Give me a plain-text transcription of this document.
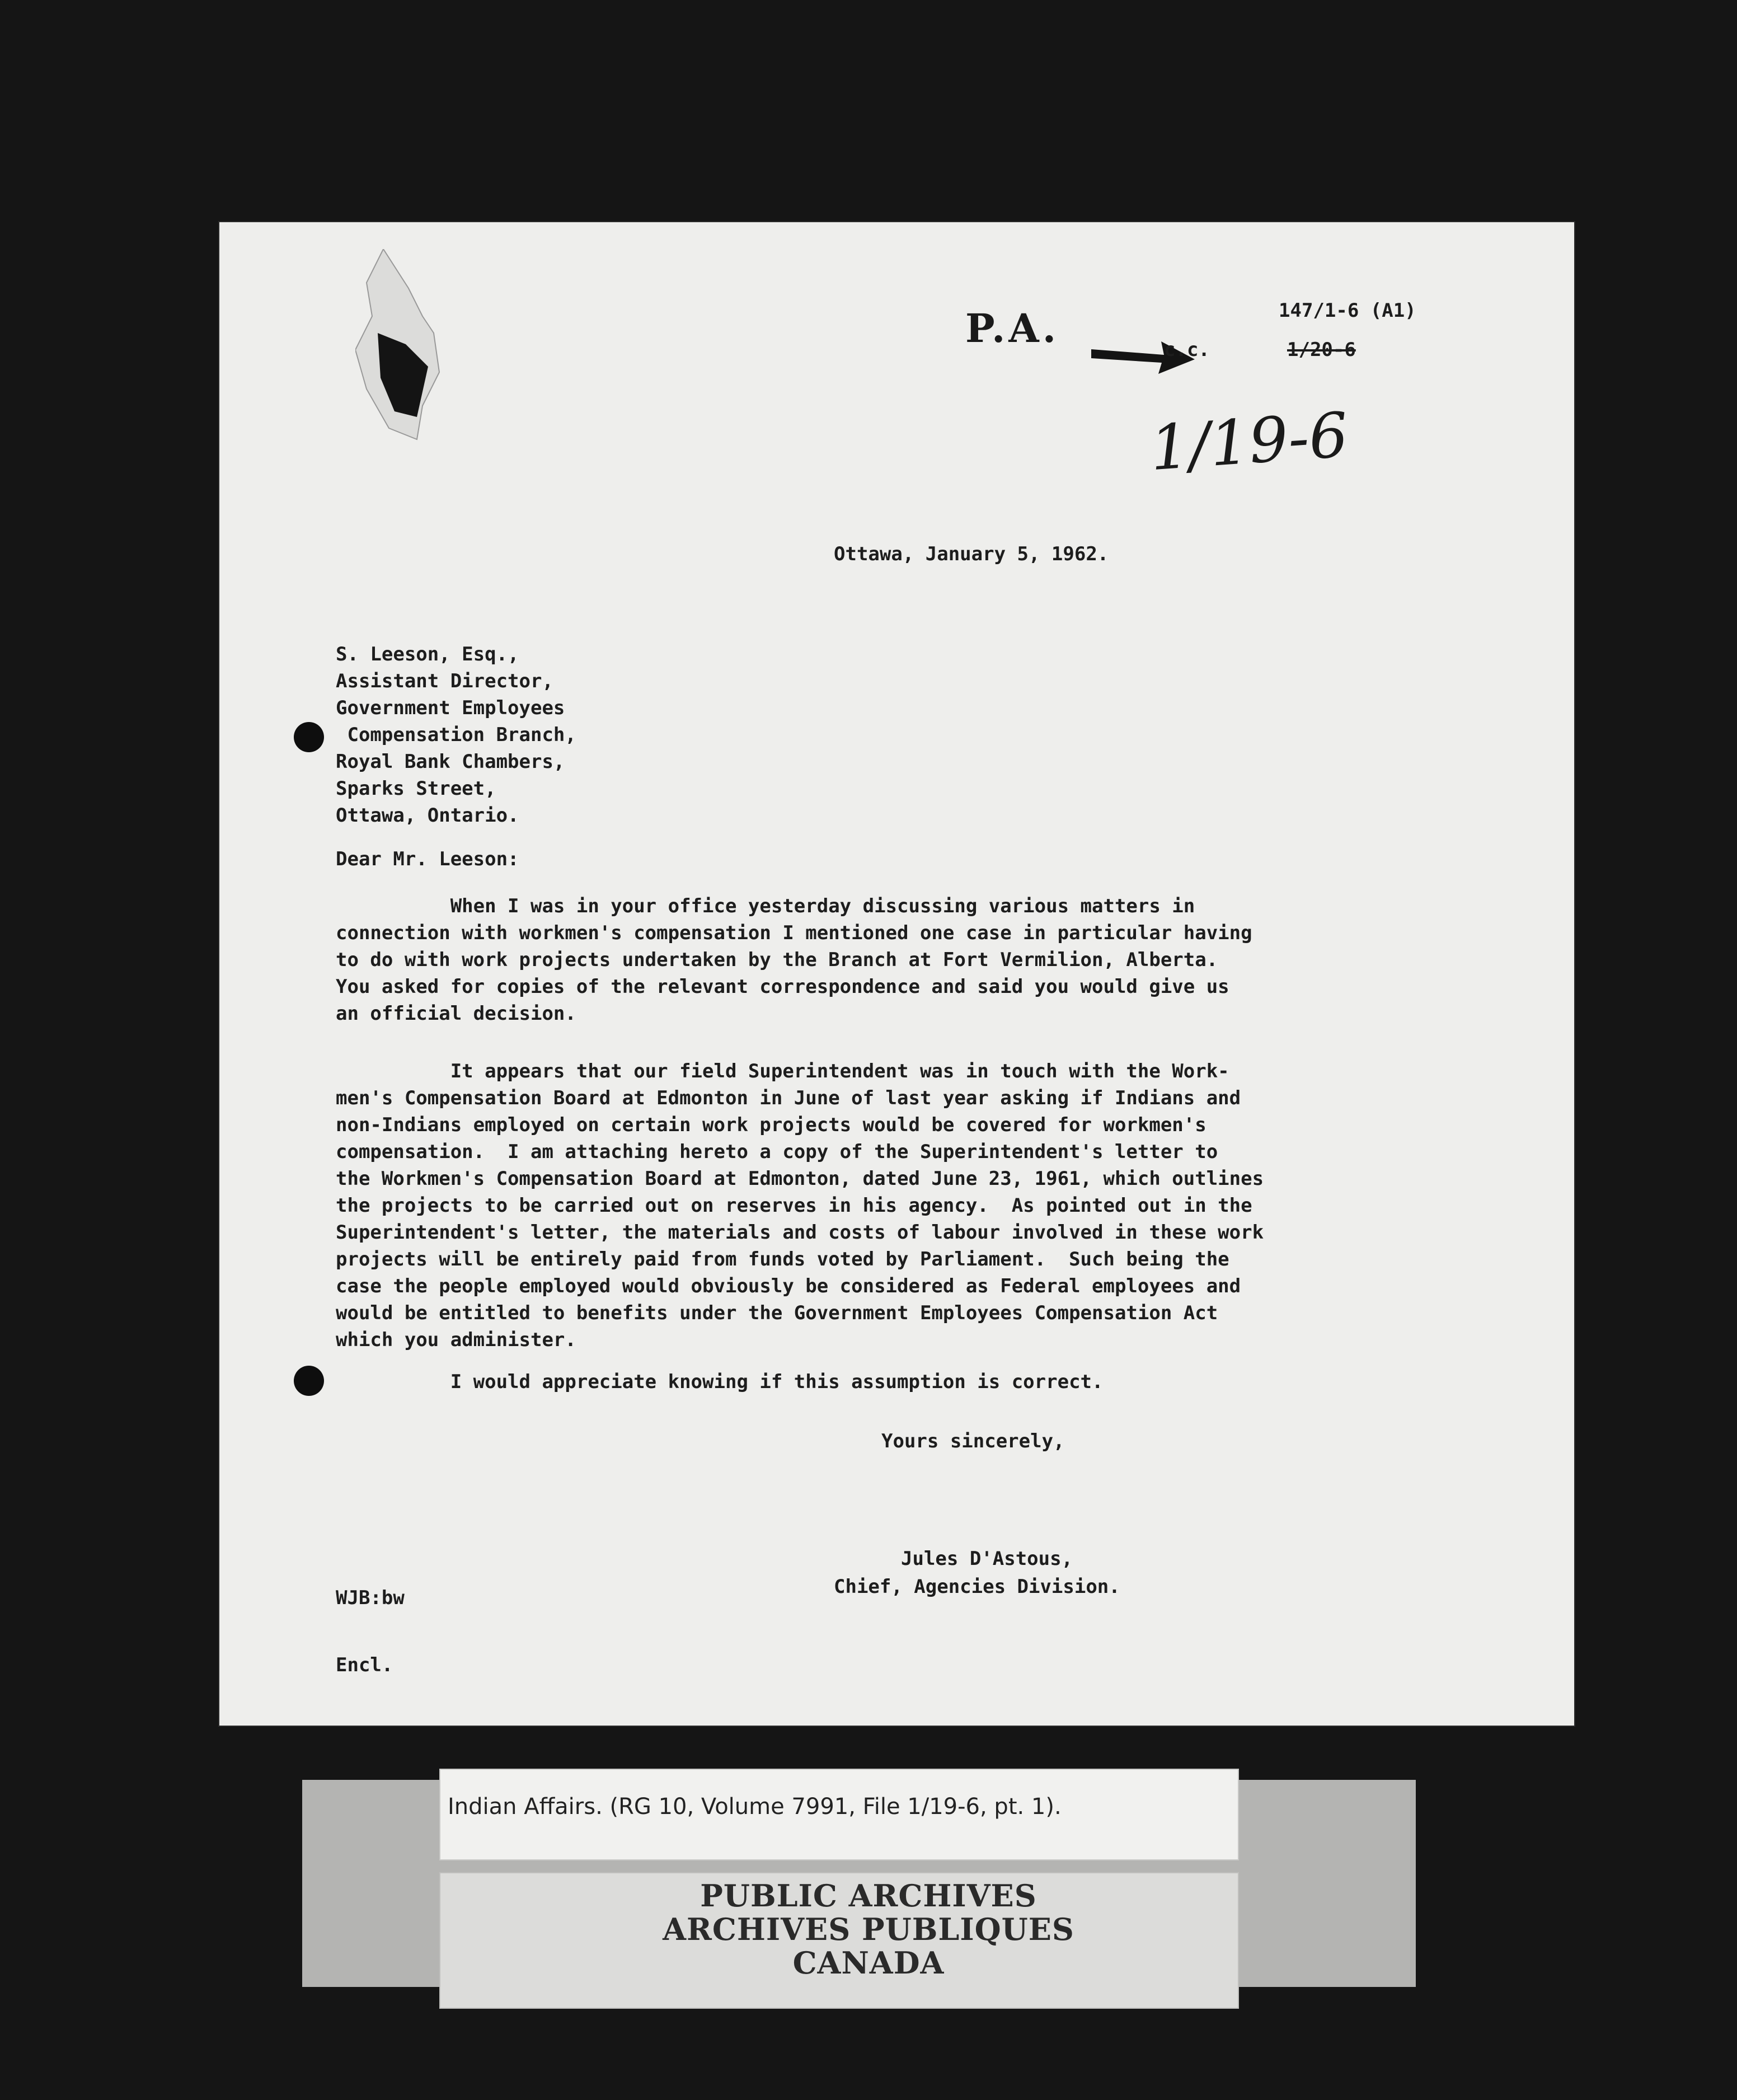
P.A.	147/1-6 (A1)
c.c.	1/20-6
1/19-6
Ottawa, January 5, 1962.
S. Leeson, Esq.,
Assistant Director,
Government Employees
Compensation Branch,
Royal Bank Chambers,
Sparks Street,
Ottawa, Ontario.
Dear Mr. Leeson:
When I was in your office yesterday discussing various matters in
connection with workmen's compensation I mentioned one case in particular having
to do with work projects undertaken by the Branch at Fort Vermilion, Alberta.
You asked for copies of the relevant correspondence and said you would give us
an official decision.
It appears that our field Superintendent was in touch with the Work-
men's Compensation Board at Edmonton in June of last year asking if Indians and
non-Indians employed on certain work projects would be covered for workmen's
compensation.  I am attaching hereto a copy of the Superintendent's letter to
the Workmen's Compensation Board at Edmonton, dated June 23, 1961, which outlines
the projects to be carried out on reserves in his agency.  As pointed out in the
Superintendent's letter, the materials and costs of labour involved in these work
projects will be entirely paid from funds voted by Parliament.  Such being the
case the people employed would obviously be considered as Federal employees and
would be entitled to benefits under the Government Employees Compensation Act
which you administer.
I would appreciate knowing if this assumption is correct.
Yours sincerely,
Jules D'Astous,
Chief, Agencies Division.
WJB:bw
Encl.
Indian Affairs. (RG 10, Volume 7991, File 1/19-6, pt. 1).
PUBLIC ARCHIVES
ARCHIVES PUBLIQUES
CANADA
